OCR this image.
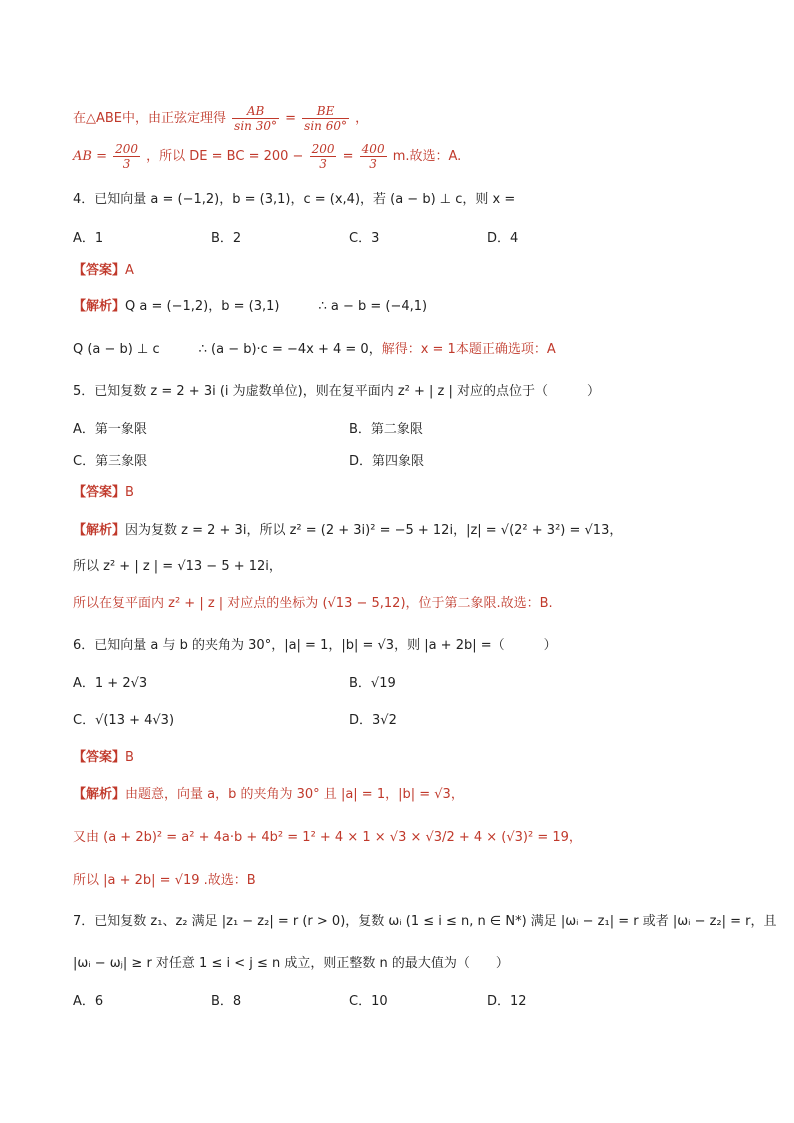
在△ABE中，由正弦定理得 $\frac{AB}{\sin 30^\circ} = \frac{BE}{\sin 60^\circ}$ ，
AB = $\frac{200}{3}$ ，所以 DE = BC = $200 - \frac{200}{3} = \frac{400}{3} m$.故选：A.
4．已知向量 a = (−1,2)，b = (3,1)，c = (x,4)，若 (a − b) ⊥ c，则 x =
A．1	B．2	C．3	D．4
【答案】A
【解析】Q a = (−1,2)，b = (3,1)　　　∴ a − b = (−4,1)
Q (a − b) ⊥ c　　　∴ (a − b)·c = −4x + 4 = 0，解得：x = 1本题正确选项：A
5．已知复数 z = 2 + 3i (i 为虚数单位)，则在复平面内 z² + | z | 对应的点位于（　　　）
A．第一象限	B．第二象限
C．第三象限	D．第四象限
【答案】B
【解析】因为复数 z = 2 + 3i，所以 z² = (2 + 3i)² = −5 + 12i，|z| = √(2² + 3²) = √13，
所以 z² + | z | = √13 − 5 + 12i，
所以在复平面内 z² + | z | 对应点的坐标为 (√13 − 5,12)，位于第二象限.故选：B.
6．已知向量 a 与 b 的夹角为 30°，|a| = 1，|b| = √3，则 |a + 2b| =（　　　）
A．1 + 2√3	B．√19
C．√(13 + 4√3)	D．3√2
【答案】B
【解析】由题意，向量 a，b 的夹角为 30° 且 |a| = 1，|b| = √3，
又由 (a + 2b)² = a² + 4a·b + 4b² = 1² + 4 × 1 × √3 × √3/2 + 4 × (√3)² = 19，
所以 |a + 2b| = √19 .故选：B
7．已知复数 z₁、z₂ 满足 |z₁ − z₂| = r (r > 0)，复数 ωᵢ (1 ≤ i ≤ n, n ∈ N*) 满足 |ωᵢ − z₁| = r 或者 |ωᵢ − z₂| = r，且
|ωᵢ − ωⱼ| ≥ r 对任意 1 ≤ i < j ≤ n 成立，则正整数 n 的最大值为（　　）
A．6	B．8	C．10	D．12
